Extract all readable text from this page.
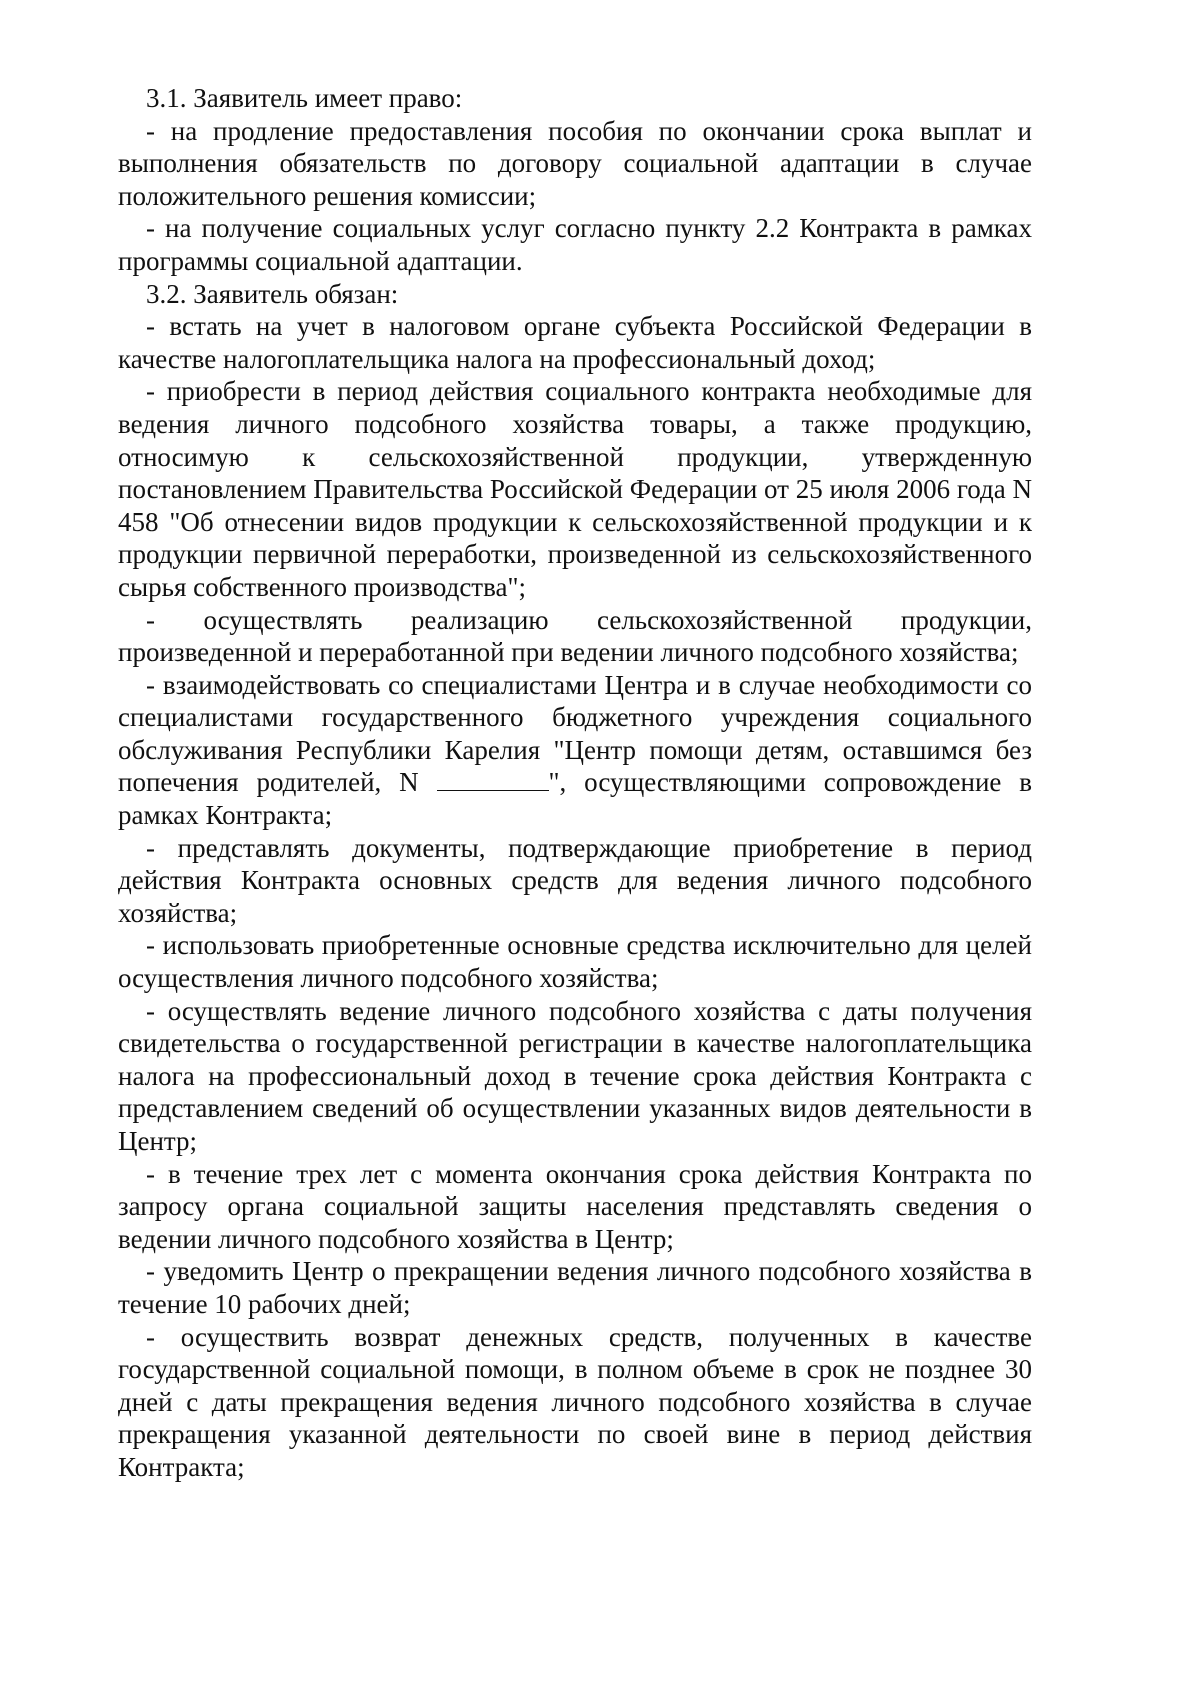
3.1. Заявитель имеет право:

- на продление предоставления пособия по окончании срока выплат и выполнения обязательств по договору социальной адаптации в случае положительного решения комиссии;

- на получение социальных услуг согласно пункту 2.2 Контракта в рамках программы социальной адаптации.

3.2. Заявитель обязан:

- встать на учет в налоговом органе субъекта Российской Федерации в качестве налогоплательщика налога на профессиональный доход;

- приобрести в период действия социального контракта необходимые для ведения личного подсобного хозяйства товары, а также продукцию, относимую к сельскохозяйственной продукции, утвержденную постановлением Правительства Российской Федерации от 25 июля 2006 года N 458 "Об отнесении видов продукции к сельскохозяйственной продукции и к продукции первичной переработки, произведенной из сельскохозяйственного сырья собственного производства";

- осуществлять реализацию сельскохозяйственной продукции, произведенной и переработанной при ведении личного подсобного хозяйства;

- взаимодействовать со специалистами Центра и в случае необходимости со специалистами государственного бюджетного учреждения социального обслуживания Республики Карелия "Центр помощи детям, оставшимся без попечения родителей, N	", осуществляющими сопровождение в рамках Контракта;

- представлять документы, подтверждающие приобретение в период действия Контракта основных средств для ведения личного подсобного хозяйства;

- использовать приобретенные основные средства исключительно для целей осуществления личного подсобного хозяйства;

- осуществлять ведение личного подсобного хозяйства с даты получения свидетельства о государственной регистрации в качестве налогоплательщика налога на профессиональный доход в течение срока действия Контракта с представлением сведений об осуществлении указанных видов деятельности в Центр;

- в течение трех лет с момента окончания срока действия Контракта по запросу органа социальной защиты населения представлять сведения о ведении личного подсобного хозяйства в Центр;

- уведомить Центр о прекращении ведения личного подсобного хозяйства в течение 10 рабочих дней;

- осуществить возврат денежных средств, полученных в качестве государственной социальной помощи, в полном объеме в срок не позднее 30 дней с даты прекращения ведения личного подсобного хозяйства в случае прекращения указанной деятельности по своей вине в период действия Контракта;
